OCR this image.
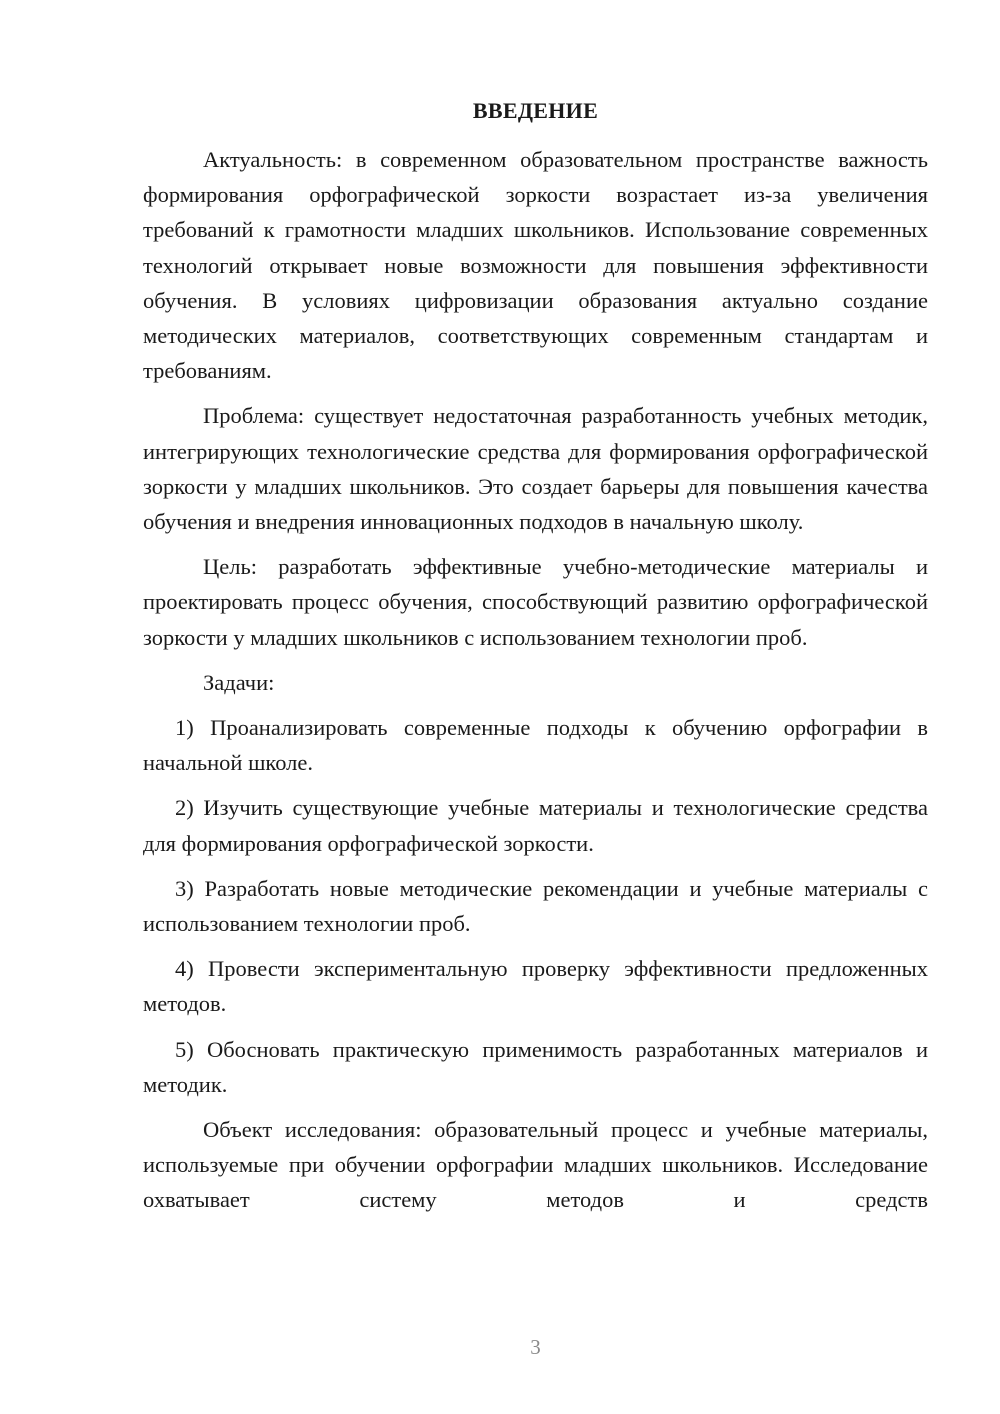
ВВЕДЕНИЕ

Актуальность: в современном образовательном пространстве важность формирования орфографической зоркости возрастает из-за увеличения требований к грамотности младших школьников. Использование современных технологий открывает новые возможности для повышения эффективности обучения. В условиях цифровизации образования актуально создание методических материалов, соответствующих современным стандартам и требованиям.

Проблема: существует недостаточная разработанность учебных методик, интегрирующих технологические средства для формирования орфографической зоркости у младших школьников. Это создает барьеры для повышения качества обучения и внедрения инновационных подходов в начальную школу.

Цель: разработать эффективные учебно-методические материалы и проектировать процесс обучения, способствующий развитию орфографической зоркости у младших школьников с использованием технологии проб.

Задачи:

1) Проанализировать современные подходы к обучению орфографии в начальной школе.

2) Изучить существующие учебные материалы и технологические средства для формирования орфографической зоркости.

3) Разработать новые методические рекомендации и учебные материалы с использованием технологии проб.

4) Провести экспериментальную проверку эффективности предложенных методов.

5) Обосновать практическую применимость разработанных материалов и методик.

Объект исследования: образовательный процесс и учебные материалы, используемые при обучении орфографии младших школьников. Исследование охватывает систему методов и средств

3
